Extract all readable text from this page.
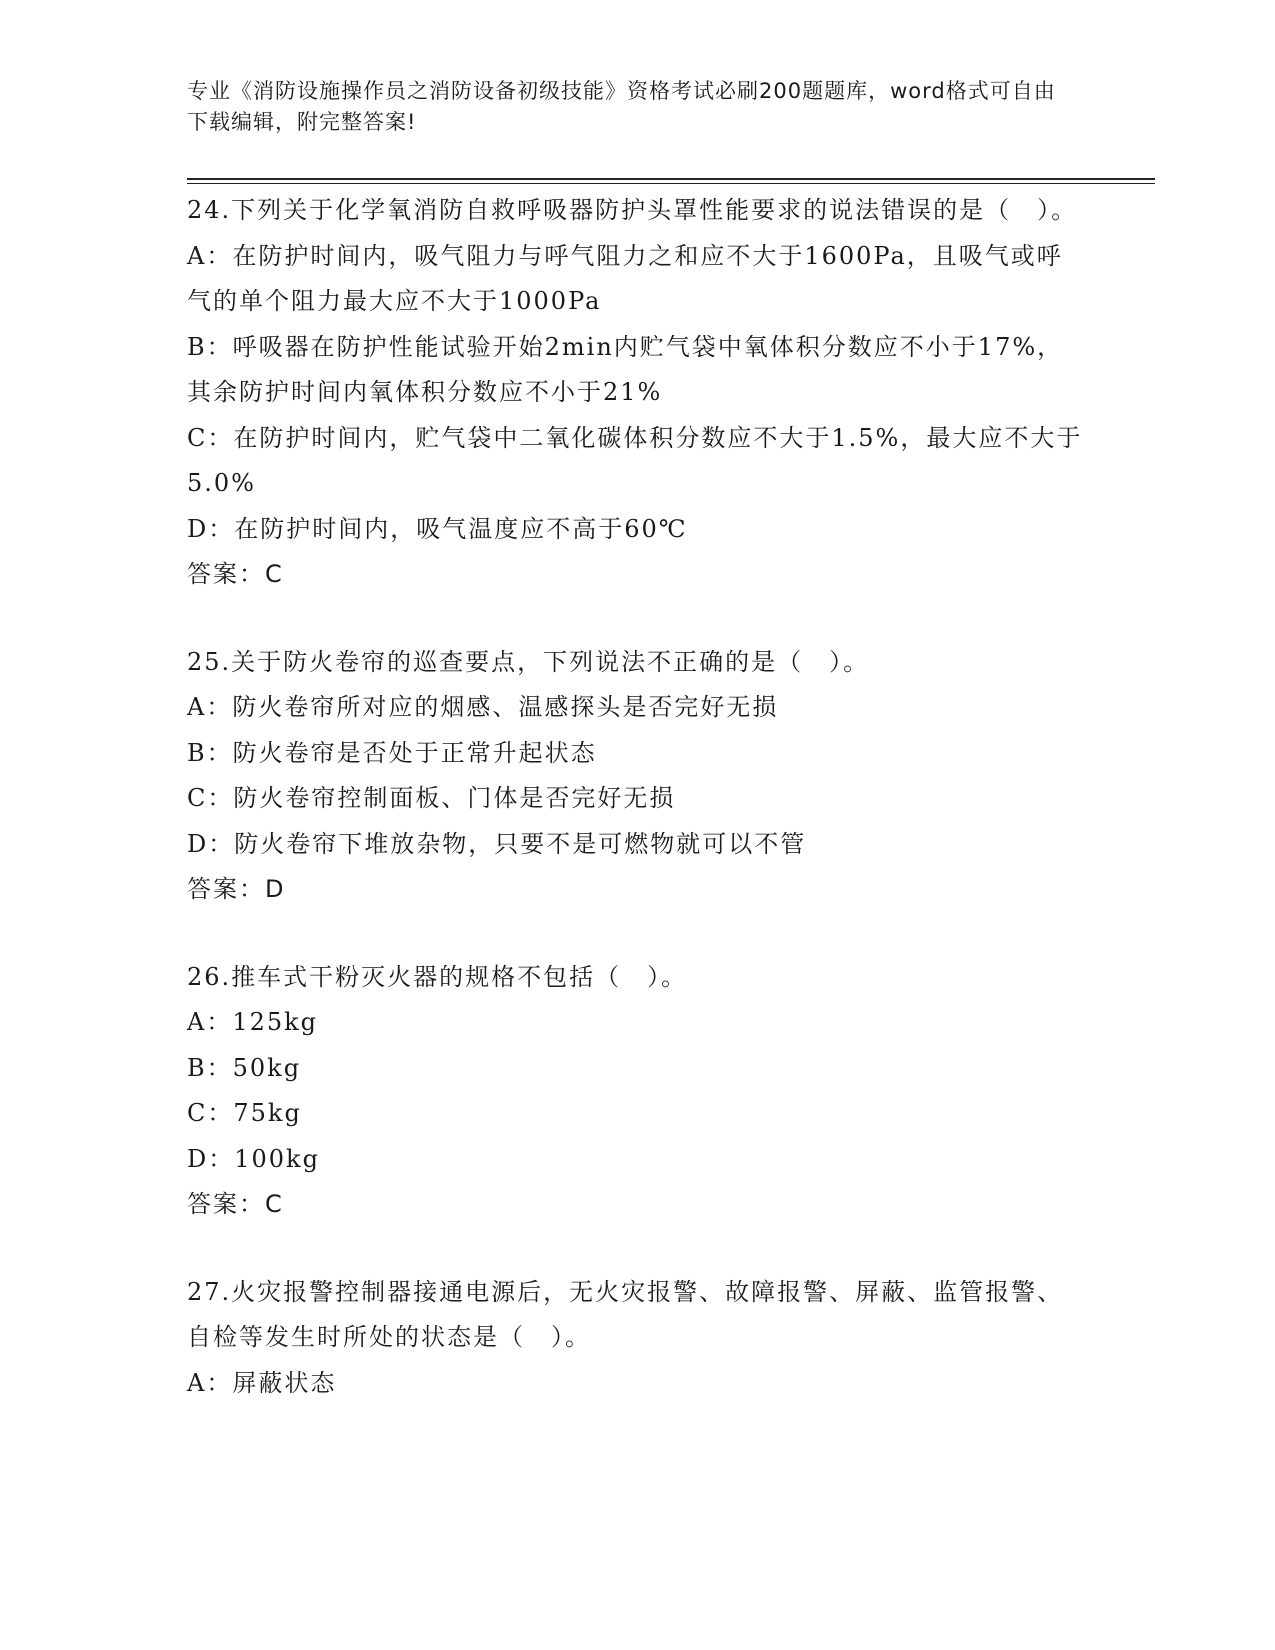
专业《消防设施操作员之消防设备初级技能》资格考试必刷200题题库，word格式可自由下载编辑，附完整答案!
24.下列关于化学氧消防自救呼吸器防护头罩性能要求的说法错误的是（　）。
A：在防护时间内，吸气阻力与呼气阻力之和应不大于1600Pa，且吸气或呼气的单个阻力最大应不大于1000Pa
B：呼吸器在防护性能试验开始2min内贮气袋中氧体积分数应不小于17%，其余防护时间内氧体积分数应不小于21%
C：在防护时间内，贮气袋中二氧化碳体积分数应不大于1.5%，最大应不大于5.0%
D：在防护时间内，吸气温度应不高于60℃
答案：C
25.关于防火卷帘的巡查要点，下列说法不正确的是（　）。
A：防火卷帘所对应的烟感、温感探头是否完好无损
B：防火卷帘是否处于正常升起状态
C：防火卷帘控制面板、门体是否完好无损
D：防火卷帘下堆放杂物，只要不是可燃物就可以不管
答案：D
26.推车式干粉灭火器的规格不包括（　）。
A：125kg
B：50kg
C：75kg
D：100kg
答案：C
27.火灾报警控制器接通电源后，无火灾报警、故障报警、屏蔽、监管报警、自检等发生时所处的状态是（　）。
A：屏蔽状态
